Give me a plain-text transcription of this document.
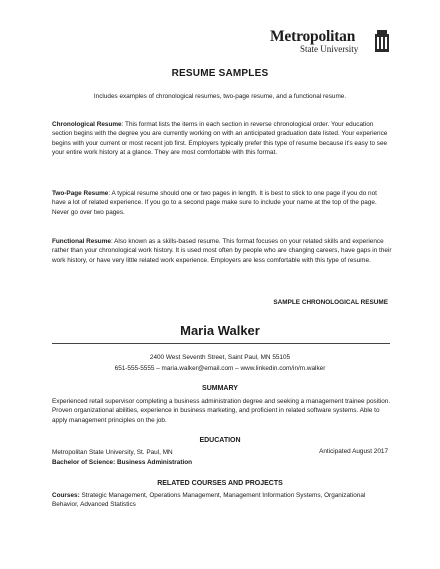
Metropolitan
State University
RESUME SAMPLES
Includes examples of chronological resumes, two-page resume, and a functional resume.
Chronological Resume: This format lists the items in each section in reverse chronological order. Your education section begins with the degree you are currently working on with an anticipated graduation date listed. Your experience begins with your current or most recent job first. Employers typically prefer this type of resume because it's easy to see your entire work history at a glance. They are most comfortable with this format.
Two-Page Resume: A typical resume should one or two pages in length. It is best to stick to one page if you do not have a lot of related experience. If you go to a second page make sure to include your name at the top of the page. Never go over two pages.
Functional Resume: Also known as a skills-based resume. This format focuses on your related skills and experience rather than your chronological work history. It is used most often by people who are changing careers, have gaps in their work history, or have very little related work experience. Employers are less comfortable with this type of resume.
SAMPLE CHRONOLOGICAL RESUME
Maria Walker
2400 West Seventh Street, Saint Paul, MN 55105
651-555-5555 – maria.walker@email.com – www.linkedin.com/in/m.walker
SUMMARY
Experienced retail supervisor completing a business administration degree and seeking a management trainee position. Proven organizational abilities, experience in business marketing, and proficient in related software systems. Able to apply management principles on the job.
EDUCATION
Metropolitan State University, St. Paul, MN	Anticipated August 2017
Bachelor of Science: Business Administration
RELATED COURSES AND PROJECTS
Courses: Strategic Management, Operations Management, Management Information Systems, Organizational Behavior, Advanced Statistics
